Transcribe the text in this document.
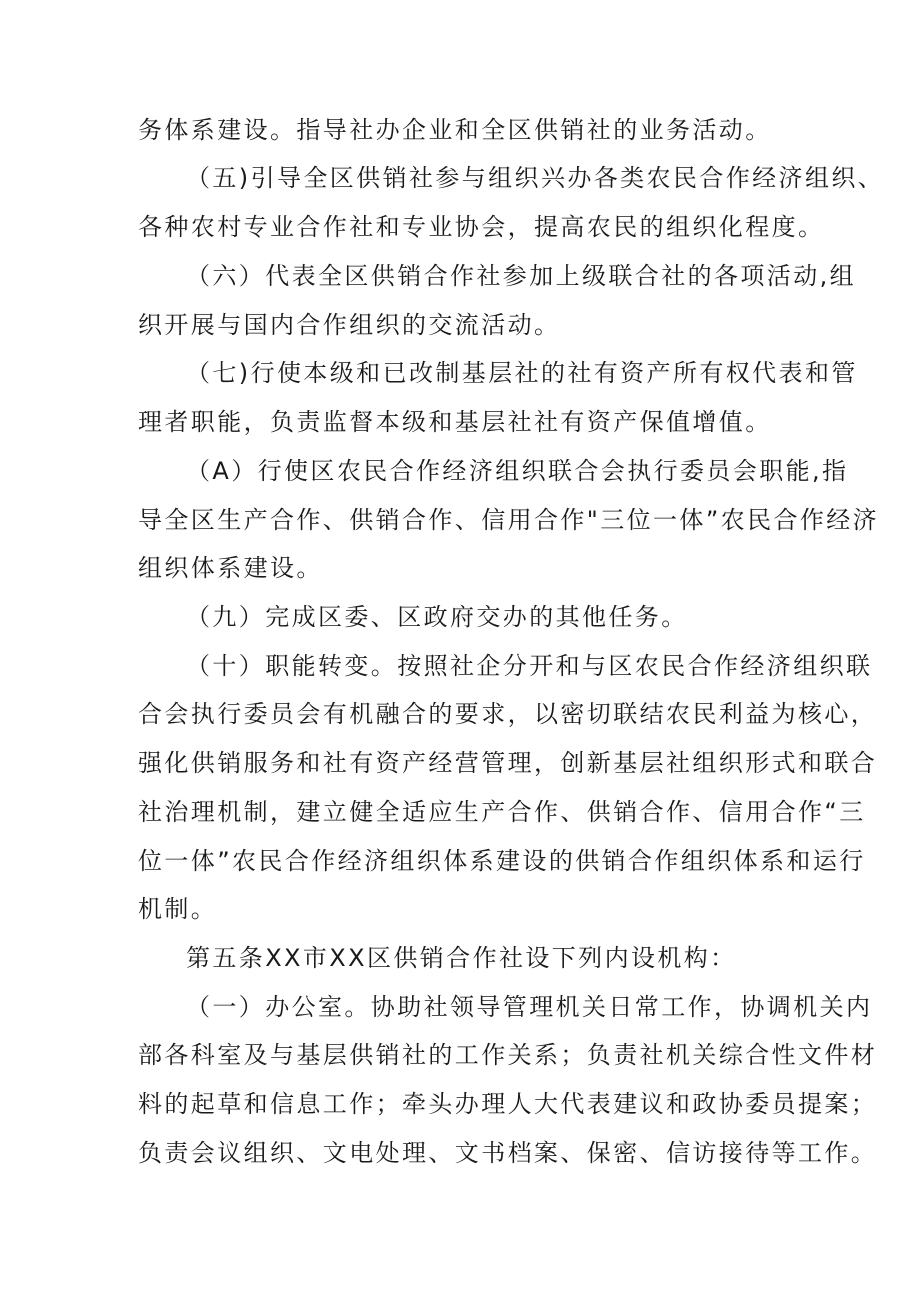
务体系建设。指导社办企业和全区供销社的业务活动。
（五)引导全区供销社参与组织兴办各类农民合作经济组织、
各种农村专业合作社和专业协会，提高农民的组织化程度。
（六）代表全区供销合作社参加上级联合社的各项活动,组
织开展与国内合作组织的交流活动。
（七)行使本级和已改制基层社的社有资产所有权代表和管
理者职能，负责监督本级和基层社社有资产保值增值。
（A）行使区农民合作经济组织联合会执行委员会职能,指
导全区生产合作、供销合作、信用合作"三位一体”农民合作经济
组织体系建设。
（九）完成区委、区政府交办的其他任务。
（十）职能转变。按照社企分开和与区农民合作经济组织联
合会执行委员会有机融合的要求，以密切联结农民利益为核心，
强化供销服务和社有资产经营管理，创新基层社组织形式和联合
社治理机制，建立健全适应生产合作、供销合作、信用合作“三
位一体”农民合作经济组织体系建设的供销合作组织体系和运行
机制。
第五条XX市XX区供销合作社设下列内设机构：
（一）办公室。协助社领导管理机关日常工作，协调机关内
部各科室及与基层供销社的工作关系；负责社机关综合性文件材
料的起草和信息工作；牵头办理人大代表建议和政协委员提案；
负责会议组织、文电处理、文书档案、保密、信访接待等工作。
